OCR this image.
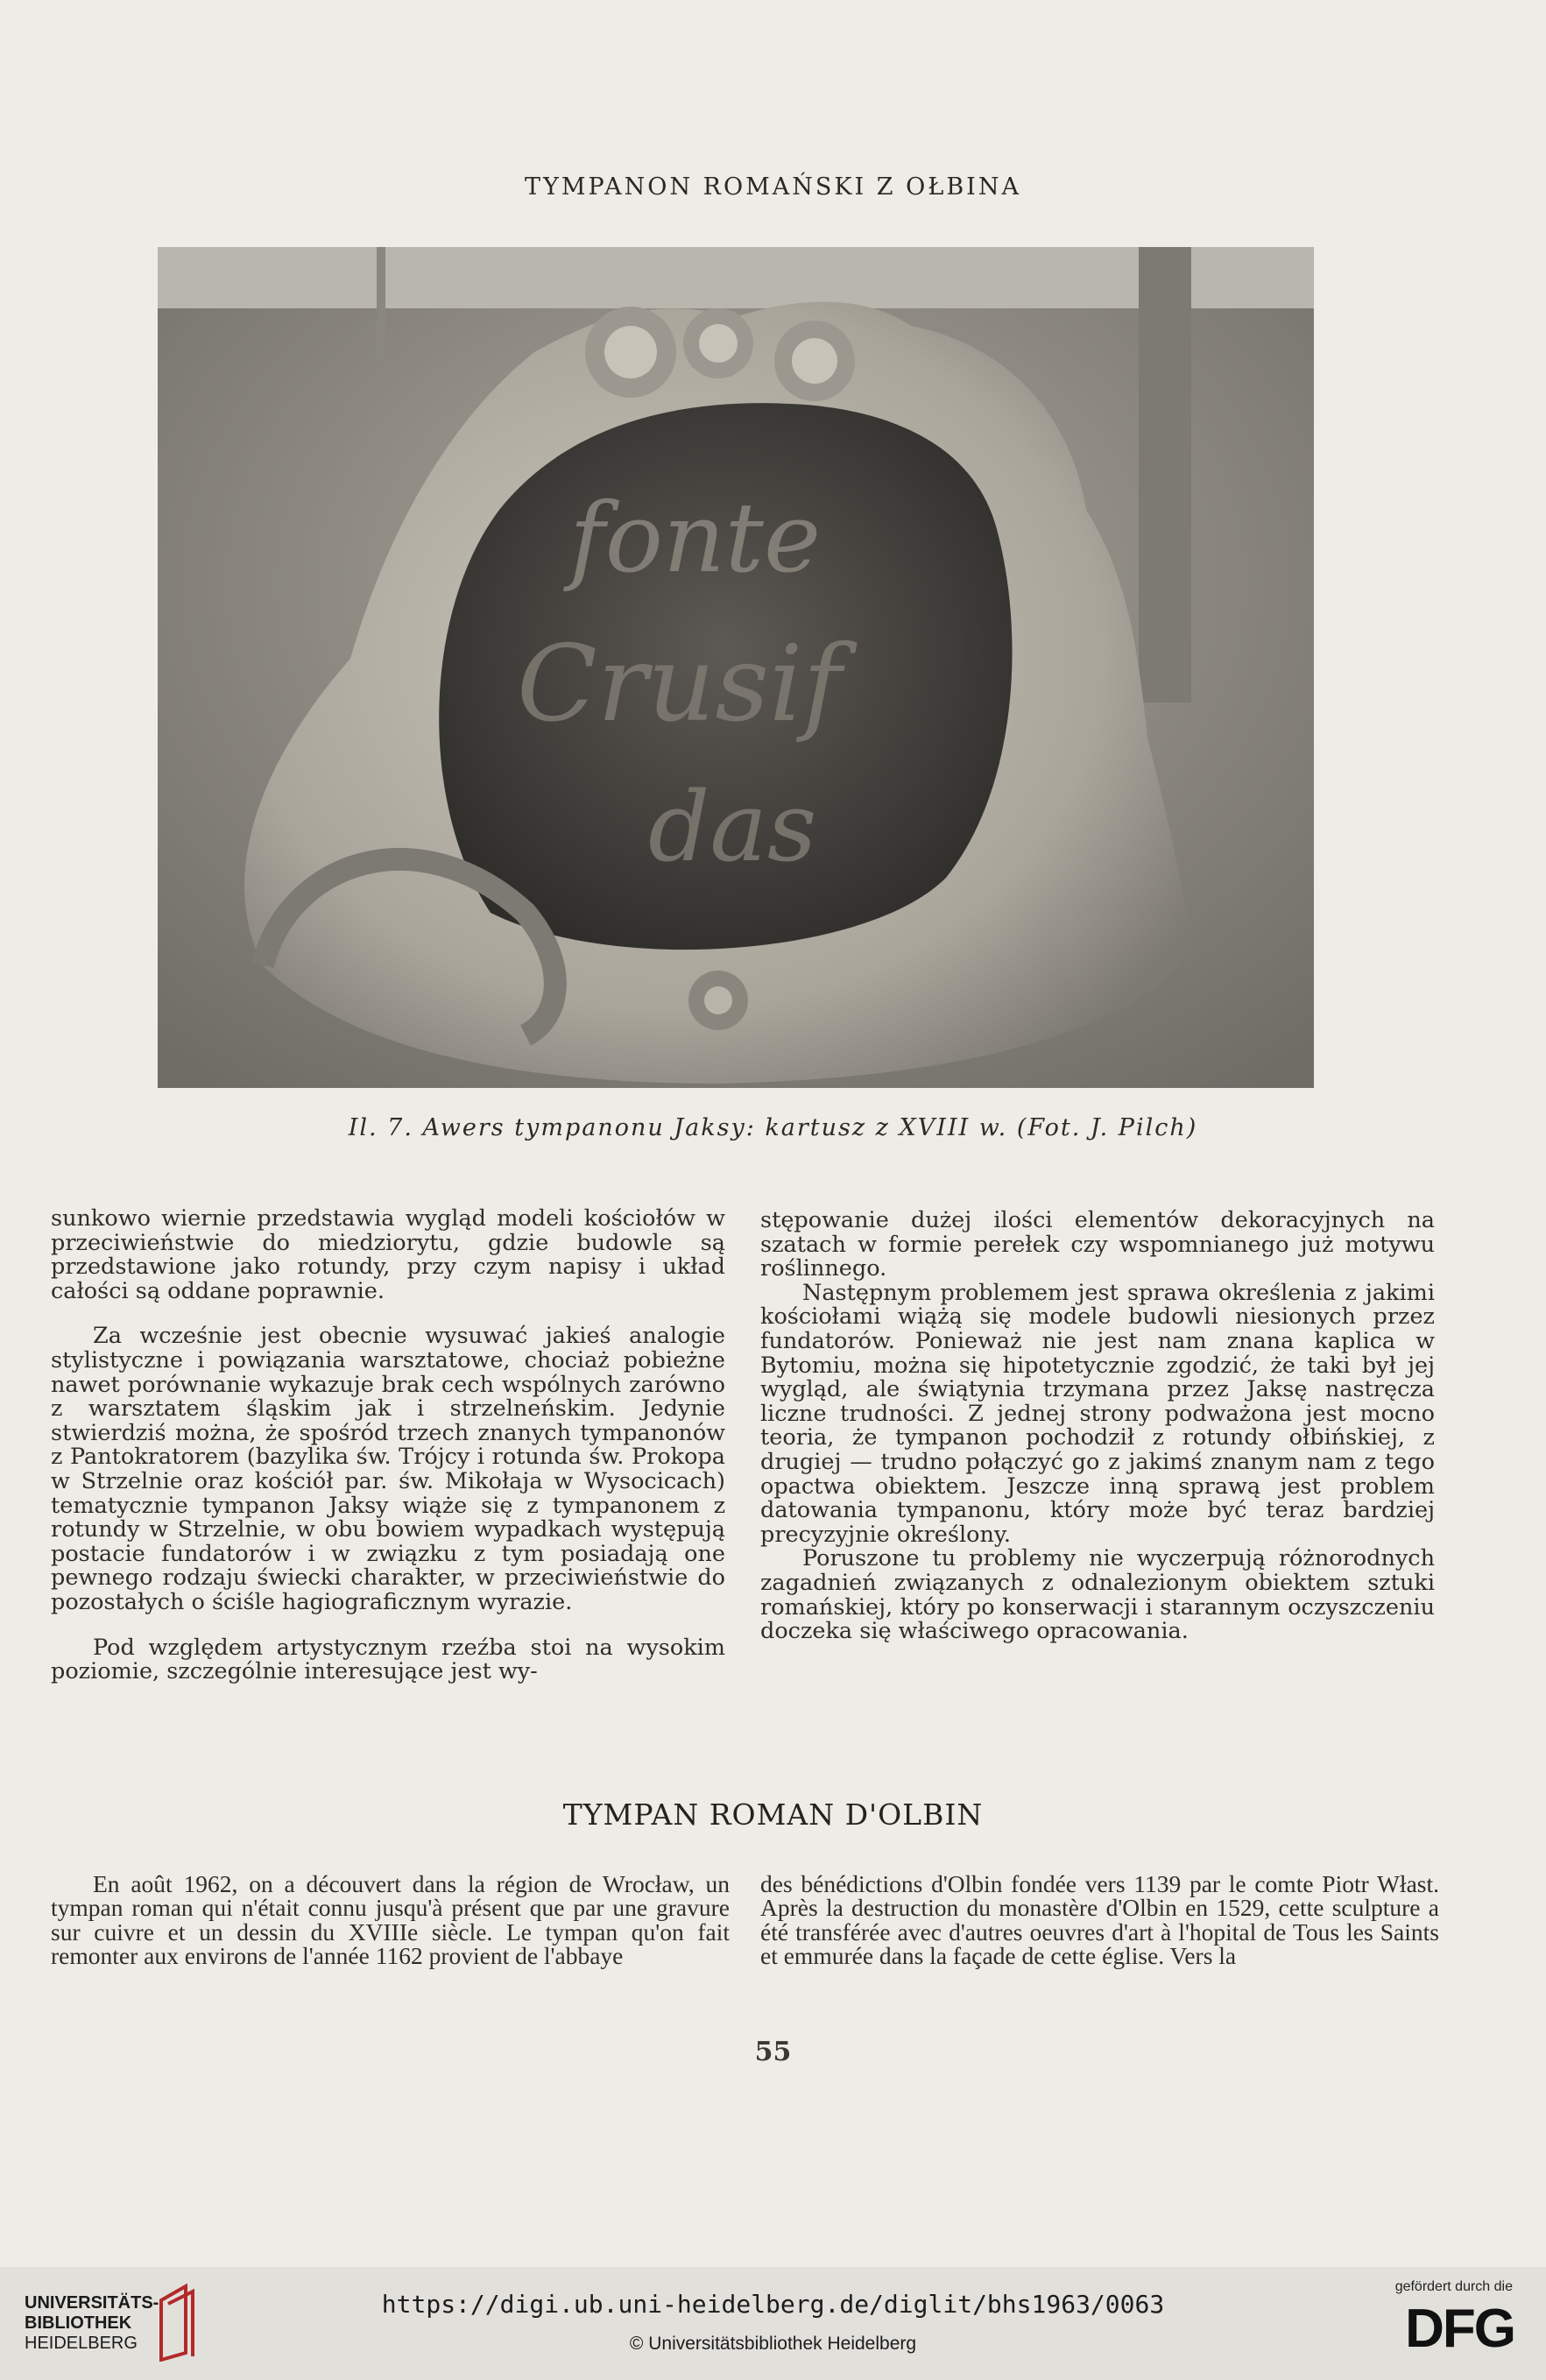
TYMPANON ROMAŃSKI Z OŁBINA
fonte
Crusif
das
Il. 7. Awers tympanonu Jaksy: kartusz z XVIII w. (Fot. J. Pilch)

sunkowo wiernie przedstawia wygląd modeli kościołów w przeciwieństwie do miedziorytu, gdzie budowle są przedstawione jako rotundy, przy czym napisy i układ całości są oddane poprawnie.

Za wcześnie jest obecnie wysuwać jakieś analogie stylistyczne i powiązania warsztatowe, chociaż pobieżne nawet porównanie wykazuje brak cech wspólnych zarówno z warsztatem śląskim jak i strzelneńskim. Jedynie stwierdziś można, że spośród trzech znanych tympanonów z Pantokratorem (bazylika św. Trójcy i rotunda św. Prokopa w Strzelnie oraz kościół par. św. Mikołaja w Wysocicach) tematycznie tympanon Jaksy wiąże się z tympanonem z rotundy w Strzelnie, w obu bowiem wypadkach występują postacie fundatorów i w związku z tym posiadają one pewnego rodzaju świecki charakter, w przeciwieństwie do pozostałych o ściśle hagiograficznym wyrazie.

Pod względem artystycznym rzeźba stoi na wysokim poziomie, szczególnie interesujące jest wy-

stępowanie dużej ilości elementów dekoracyjnych na szatach w formie perełek czy wspomnianego już motywu roślinnego.

Następnym problemem jest sprawa określenia z jakimi kościołami wiążą się modele budowli niesionych przez fundatorów. Ponieważ nie jest nam znana kaplica w Bytomiu, można się hipotetycznie zgodzić, że taki był jej wygląd, ale świątynia trzymana przez Jaksę nastręcza liczne trudności. Z jednej strony podważona jest mocno teoria, że tympanon pochodził z rotundy ołbińskiej, z drugiej — trudno połączyć go z jakimś znanym nam z tego opactwa obiektem. Jeszcze inną sprawą jest problem datowania tympanonu, który może być teraz bardziej precyzyjnie określony.

Poruszone tu problemy nie wyczerpują różnorodnych zagadnień związanych z odnalezionym obiektem sztuki romańskiej, który po konserwacji i starannym oczyszczeniu doczeka się właściwego opracowania.

TYMPAN ROMAN D'OLBIN

En août 1962, on a découvert dans la région de Wrocław, un tympan roman qui n'était connu jusqu'à présent que par une gravure sur cuivre et un dessin du XVIIIe siècle. Le tympan qu'on fait remonter aux environs de l'année 1162 provient de l'abbaye

des bénédictions d'Olbin fondée vers 1139 par le comte Piotr Włast. Après la destruction du monastère d'Olbin en 1529, cette sculpture a été transférée avec d'autres oeuvres d'art à l'hopital de Tous les Saints et emmurée dans la façade de cette église. Vers la

55
UNIVERSITÄTS-
BIBLIOTHEK
HEIDELBERG
https://digi.ub.uni-heidelberg.de/diglit/bhs1963/0063
© Universitätsbibliothek Heidelberg
gefördert durch die
DFG
